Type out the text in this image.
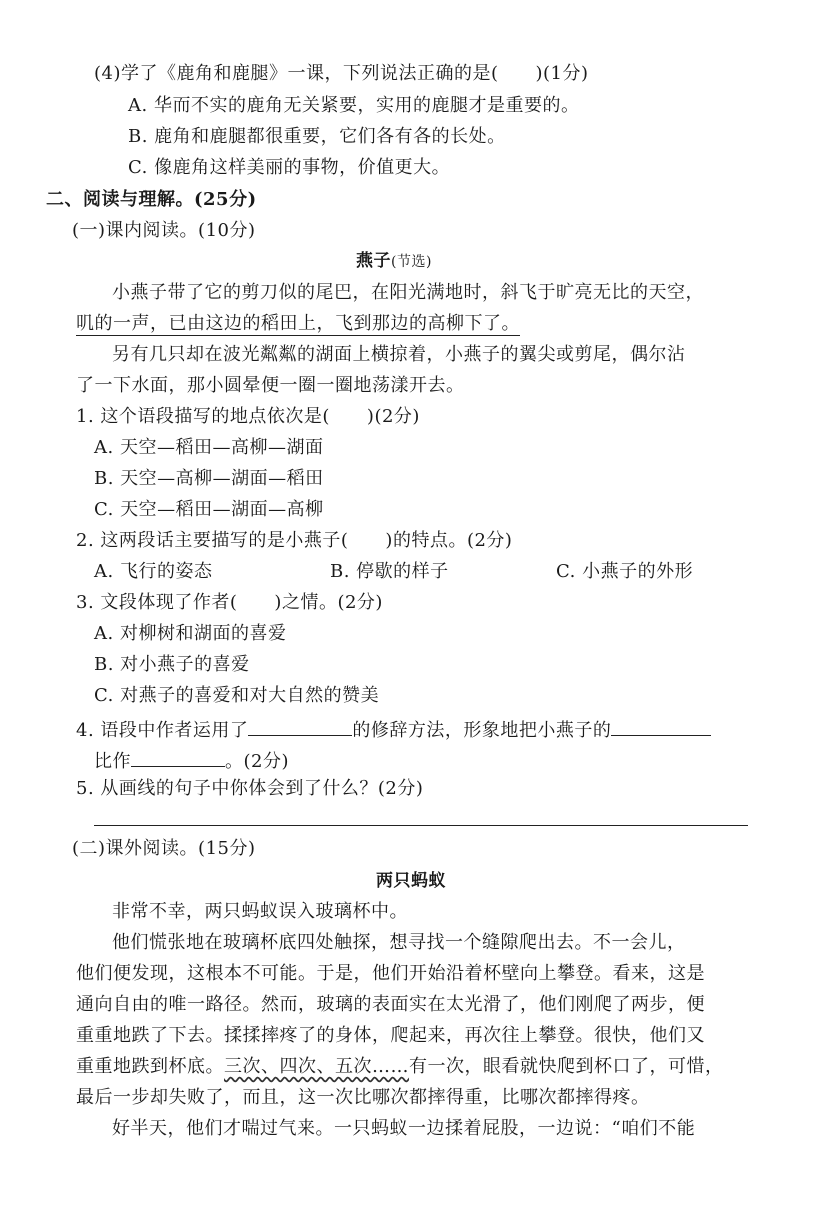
(4)学了《鹿角和鹿腿》一课，下列说法正确的是(　　)(1分)
A. 华而不实的鹿角无关紧要，实用的鹿腿才是重要的。
B. 鹿角和鹿腿都很重要，它们各有各的长处。
C. 像鹿角这样美丽的事物，价值更大。
二、阅读与理解。(25分)
(一)课内阅读。(10分)
燕子(节选)
小燕子带了它的剪刀似的尾巴，在阳光满地时，斜飞于旷亮无比的天空，
叽的一声，已由这边的稻田上，飞到那边的高柳下了。
另有几只却在波光粼粼的湖面上横掠着，小燕子的翼尖或剪尾，偶尔沾
了一下水面，那小圆晕便一圈一圈地荡漾开去。
1. 这个语段描写的地点依次是(　　)(2分)
A. 天空—稻田—高柳—湖面
B. 天空—高柳—湖面—稻田
C. 天空—稻田—湖面—高柳
2. 这两段话主要描写的是小燕子(　　)的特点。(2分)
A. 飞行的姿态	B. 停歇的样子	C. 小燕子的外形
3. 文段体现了作者(　　)之情。(2分)
A. 对柳树和湖面的喜爱
B. 对小燕子的喜爱
C. 对燕子的喜爱和对大自然的赞美
4. 语段中作者运用了	的修辞方法，形象地把小燕子的
比作	。(2分)
5. 从画线的句子中你体会到了什么？(2分)
(二)课外阅读。(15分)
两只蚂蚁
非常不幸，两只蚂蚁误入玻璃杯中。
他们慌张地在玻璃杯底四处触探，想寻找一个缝隙爬出去。不一会儿，
他们便发现，这根本不可能。于是，他们开始沿着杯壁向上攀登。看来，这是
通向自由的唯一路径。然而，玻璃的表面实在太光滑了，他们刚爬了两步，便
重重地跌了下去。揉揉摔疼了的身体，爬起来，再次往上攀登。很快，他们又
重重地跌到杯底。三次、四次、五次……有一次，眼看就快爬到杯口了，可惜，
最后一步却失败了，而且，这一次比哪次都摔得重，比哪次都摔得疼。
好半天，他们才喘过气来。一只蚂蚁一边揉着屁股，一边说：“咱们不能
